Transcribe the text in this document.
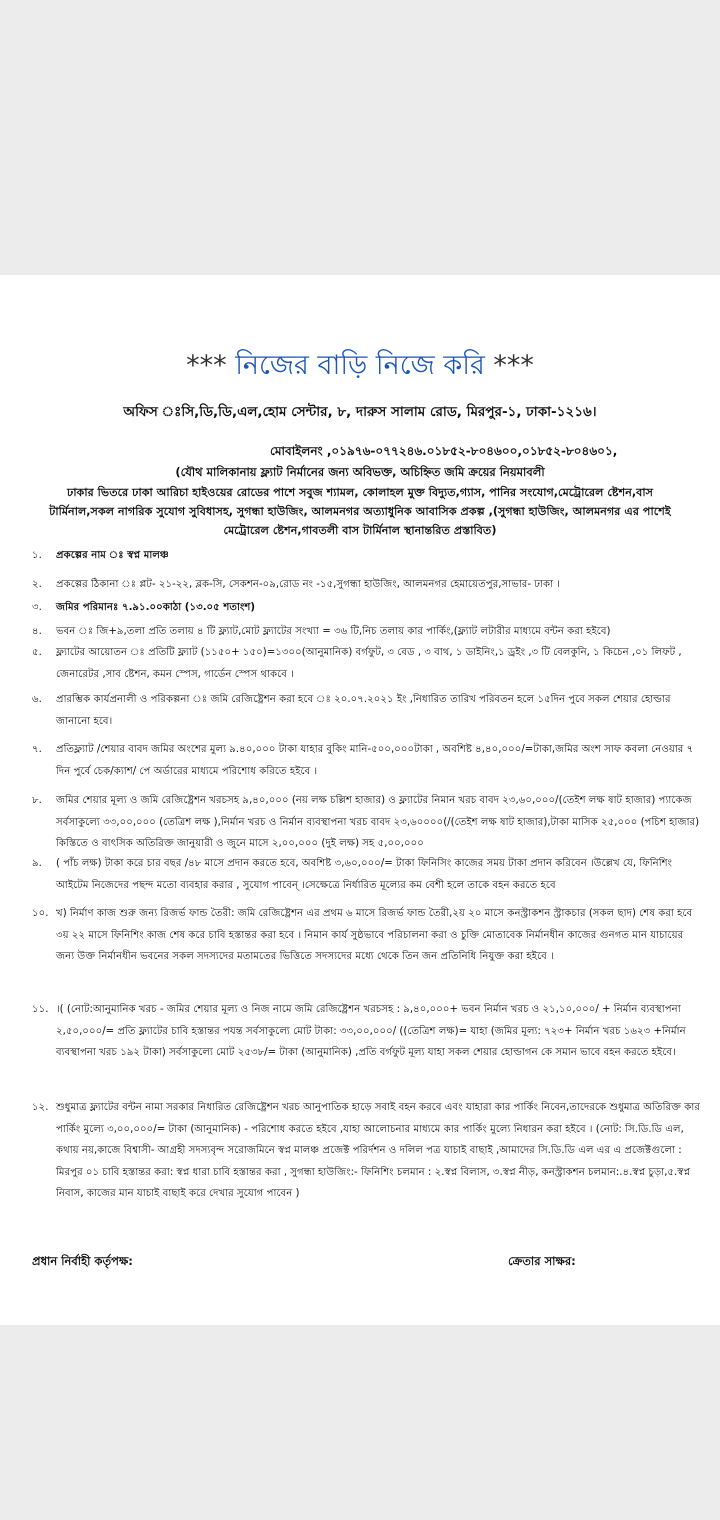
*** নিজের বাড়ি নিজে করি ***
অফিস ঃসি,ডি,ডি,এল,হোম সেন্টার, ৮, দারুস সালাম রোড, মিরপুর-১, ঢাকা-১২১৬।
মোবাইলনং ,০১৯৭৬-০৭৭২৪৬.০১৮৫২-৮০৪৬০০,০১৮৫২-৮০৪৬০১,
(যৌথ মালিকানায় ফ্ল্যাট নির্মানের জন্য অবিভক্ত, অচিহ্নিত জমি ক্রয়ের নিয়মাবলী
ঢাকার ভিতরে ঢাকা আরিচা হাইওয়ের রোডের পাশে সবুজ শ্যামল, কোলাহল মুক্ত বিদ্যুত,গ্যাস, পানির সংযোগ,মেট্রোরেল ষ্টেশন,বাস টার্মিনাল,সকল নাগরিক সুযোগ সুবিধাসহ, সুগন্ধা হাউজিং, আলমনগর অত্যাধুনিক আবাসিক প্রকল্প ,(সুগন্ধা হাউজিং, আলমনগর এর পাশেই মেট্রোরেল ষ্টেশন,গাবতলী বাস টার্মিনাল স্থানান্তরিত প্রস্তাবিত)
১.	প্রকল্পের নাম ঃ স্বপ্ন মালঞ্চ
২.	প্রকল্পের ঠিকানা ঃ প্লট- ২১-২২, ব্লক-সি, সেকশন-০৯,রোড নং -১৫,সুগন্ধা হাউজিং, আলমনগর হেমায়েতপুর,সাভার- ঢাকা ।
৩.	জমির পরিমানঃ ৭.৯১.০০কাঠা (১৩.০৫ শতাংশ)
৪.	ভবন ঃ জি+৯,তলা প্রতি তলায় ৪ টি ফ্ল্যাট,মোট ফ্ল্যাটের সংখ্যা = ৩৬ টি,নিচ তলায় কার পার্কিং,(ফ্ল্যাট লটারীর মাধ্যমে বন্টন করা হইবে)
৫.	ফ্ল্যাটের আয়োতন ঃ প্রতিটি ফ্ল্যাট (১১৫০+ ১৫০)=১৩০০(আনুমানিক) বর্গফুট, ৩ বেড , ৩ বাথ, ১ ডাইনিং,১ ড্রইং ,৩ টি বেলকুনি, ১ কিচেন ,০১ লিফট , জেনারেটর ,সাব ষ্টেশন, কমন স্পেস, গার্ডেন স্পেস থাকবে ।
৬.	প্রারম্ভিক কার্যপ্রনালী ও পরিকল্পনা ঃ জমি রেজিষ্ট্রেশন করা হবে ঃ ২০.০৭.২০২১ ইং ,নিধারিত তারিখ পরিবতন হলে ১৫দিন পুবে সকল শেয়ার হোল্ডার জানানো হবে।
৭.	প্রতিফ্ল্যাট /শেয়ার বাবদ জমির অংশের মুল্য ৯.৪০,০০০ টাকা যাহার বুকিং মানি-৫০০,০০০টাকা , অবশিষ্ট ৪,৪০,০০০/=টাকা,জমির অংশ সাফ কবলা নেওয়ার ৭ দিন পুর্বে চেক/ক্যাশ/ পে অর্ডারের মাধ্যমে পরিশোধ করিতে হইবে ।
৮.	জমির শেয়ার মূল্য ও জমি রেজিষ্ট্রেশন খরচসহ ৯,৪০,০০০ (নয় লক্ষ চল্লিশ হাজার) ও ফ্ল্যাটের নিমান খরচ বাবদ ২৩,৬০,০০০/(তেইশ লক্ষ ষাট হাজার) প্যাকেজ সর্বসাকুল্যে ৩৩,০০,০০০ (তেত্রিশ লক্ষ ),নির্মান খরচ ও নির্মান ব্যবস্থাপনা খরচ বাবদ ২৩,৬০০০০(/(তেইশ লক্ষ ষাট হাজার),টাকা মাসিক ২৫,০০০ (পচিশ হাজার) কিস্তিতে ও বাৎসিক অতিরিক্ত জানুয়ারী ও জুনে মাসে ২,০০,০০০ (দুই লক্ষ) সহ ৫,০০,০০০
৯.	( পাঁচ লক্ষ) টাকা করে চার বছর /৪৮ মাসে প্রদান করতে হবে, অবশিষ্ট ৩,৬০,০০০/= টাকা ফিনিসিং কাজের সময় টাকা প্রদান করিবেন ।উল্লেখ যে, ফিনিশিং আইটেম নিজেদের পছন্দ মতো ব্যবহার করার , সুযোগ পাবেন্ ।সেক্ষেত্রে নির্ধারিত মূল্যের কম বেশী হলে তাকে বহন করতে হবে
১০. খ) নির্মাণ কাজ শুরু জন্য রিজর্ভ ফান্ড তৈরী: জমি রেজিষ্ট্রেশন এর প্রথম ৬ মাসে রিজর্ভ ফান্ড তৈরী,২য় ২০ মাসে কনস্ট্রাকশন স্ট্রাকচার (সকল ছাদ) শেষ করা হবে ৩য় ২২ মাসে ফিনিশিং কাজ শেষ করে চাবি হস্তান্তর করা হবে । নিমান কার্য সুষ্ঠভাবে পরিচালনা করা ও চুক্তি মোতাবেক নির্মানধীন কাজের গুনগত মান যাচায়ের জন্য উক্ত নির্মানধীন ভবনের সকল সদস্যদের মতামতের ভিত্তিতে সদস্যদের মধ্যে থেকে তিন জন প্রতিনিধি নিযুক্ত করা হইবে ।
১১. ।( (নোট:আনুমানিক খরচ - জমির শেয়ার মূল্য ও নিজ নামে জমি রেজিষ্ট্রেশন খরচসহ : ৯,৪০,০০০+ ভবন নির্মান খরচ ও ২১,১০,০০০/ + নির্মান ব্যবস্থাপনা ২,৫০,০০০/= প্রতি ফ্ল্যাটের চাবি হস্তান্তর পযন্ত সর্বসাকুল্যে মোট টাকা: ৩৩,০০,০০০/ ((তেত্রিশ লক্ষ)= যাহা (জমির মূল্য: ৭২৩+ নির্মান খরচ ১৬২৩ +নির্মান ব্যবস্থাপনা খরচ ১৯২ টাকা) সর্বসাকুল্যে মোট ২৫৩৮/= টাকা (আনুমানিক) ,প্রতি বর্গফুট মূল্য যাহা সকল শেয়ার হোল্ডাগন কে সমান ভাবে বহন করতে হইবে।
১২. শুধুমাত্র ফ্ল্যাটের বন্টন নামা সরকার নিধারিত রেজিষ্ট্রেশন খরচ আনুপাতিক হাড়ে সবাই বহন করবে এবং যাহারা কার পার্কিং নিবেন,তাদেরকে শুধুমাত্র অতিরিক্ত কার পার্কিং মুল্যে ৩,০০,০০০/= টাকা (আনুমানিক) - পরিশোধ করতে হইবে ,যাহা আলোচনার মাধ্যমে কার পার্কিং মুল্যে নিধারন করা হইবে । (নোট: সি.ডি.ডি এল, কথায় নয়,কাজে বিশ্বাসী- আগ্রহী সদস্যবৃন্দ সরোজমিনে স্বপ্ন মালঞ্চ প্রজেক্ট পরির্দশন ও দলিল পত্র যাচাই বাছাই ,আমাদের সি.ডি.ডি এল এর এ প্রজেক্টগুলো : মিরপুর ০১ চাবি হস্তান্তর করা: স্বপ্ন ধারা চাবি হস্তান্তর করা , সুগন্ধা হাউজিং:- ফিনিশিং চলমান : ২.স্বপ্ন বিলাস, ৩.স্বপ্ন নীড়, কনস্ট্রাকশন চলমান:.৪.স্বপ্ন চুড়া,৫.স্বপ্ন নিবাস, কাজের মান যাচাই বাছাই করে দেখার সুযোগ পাবেন )
প্রধান নির্বাহী কর্তৃপক্ষ:	ক্রেতার সাক্ষর:
